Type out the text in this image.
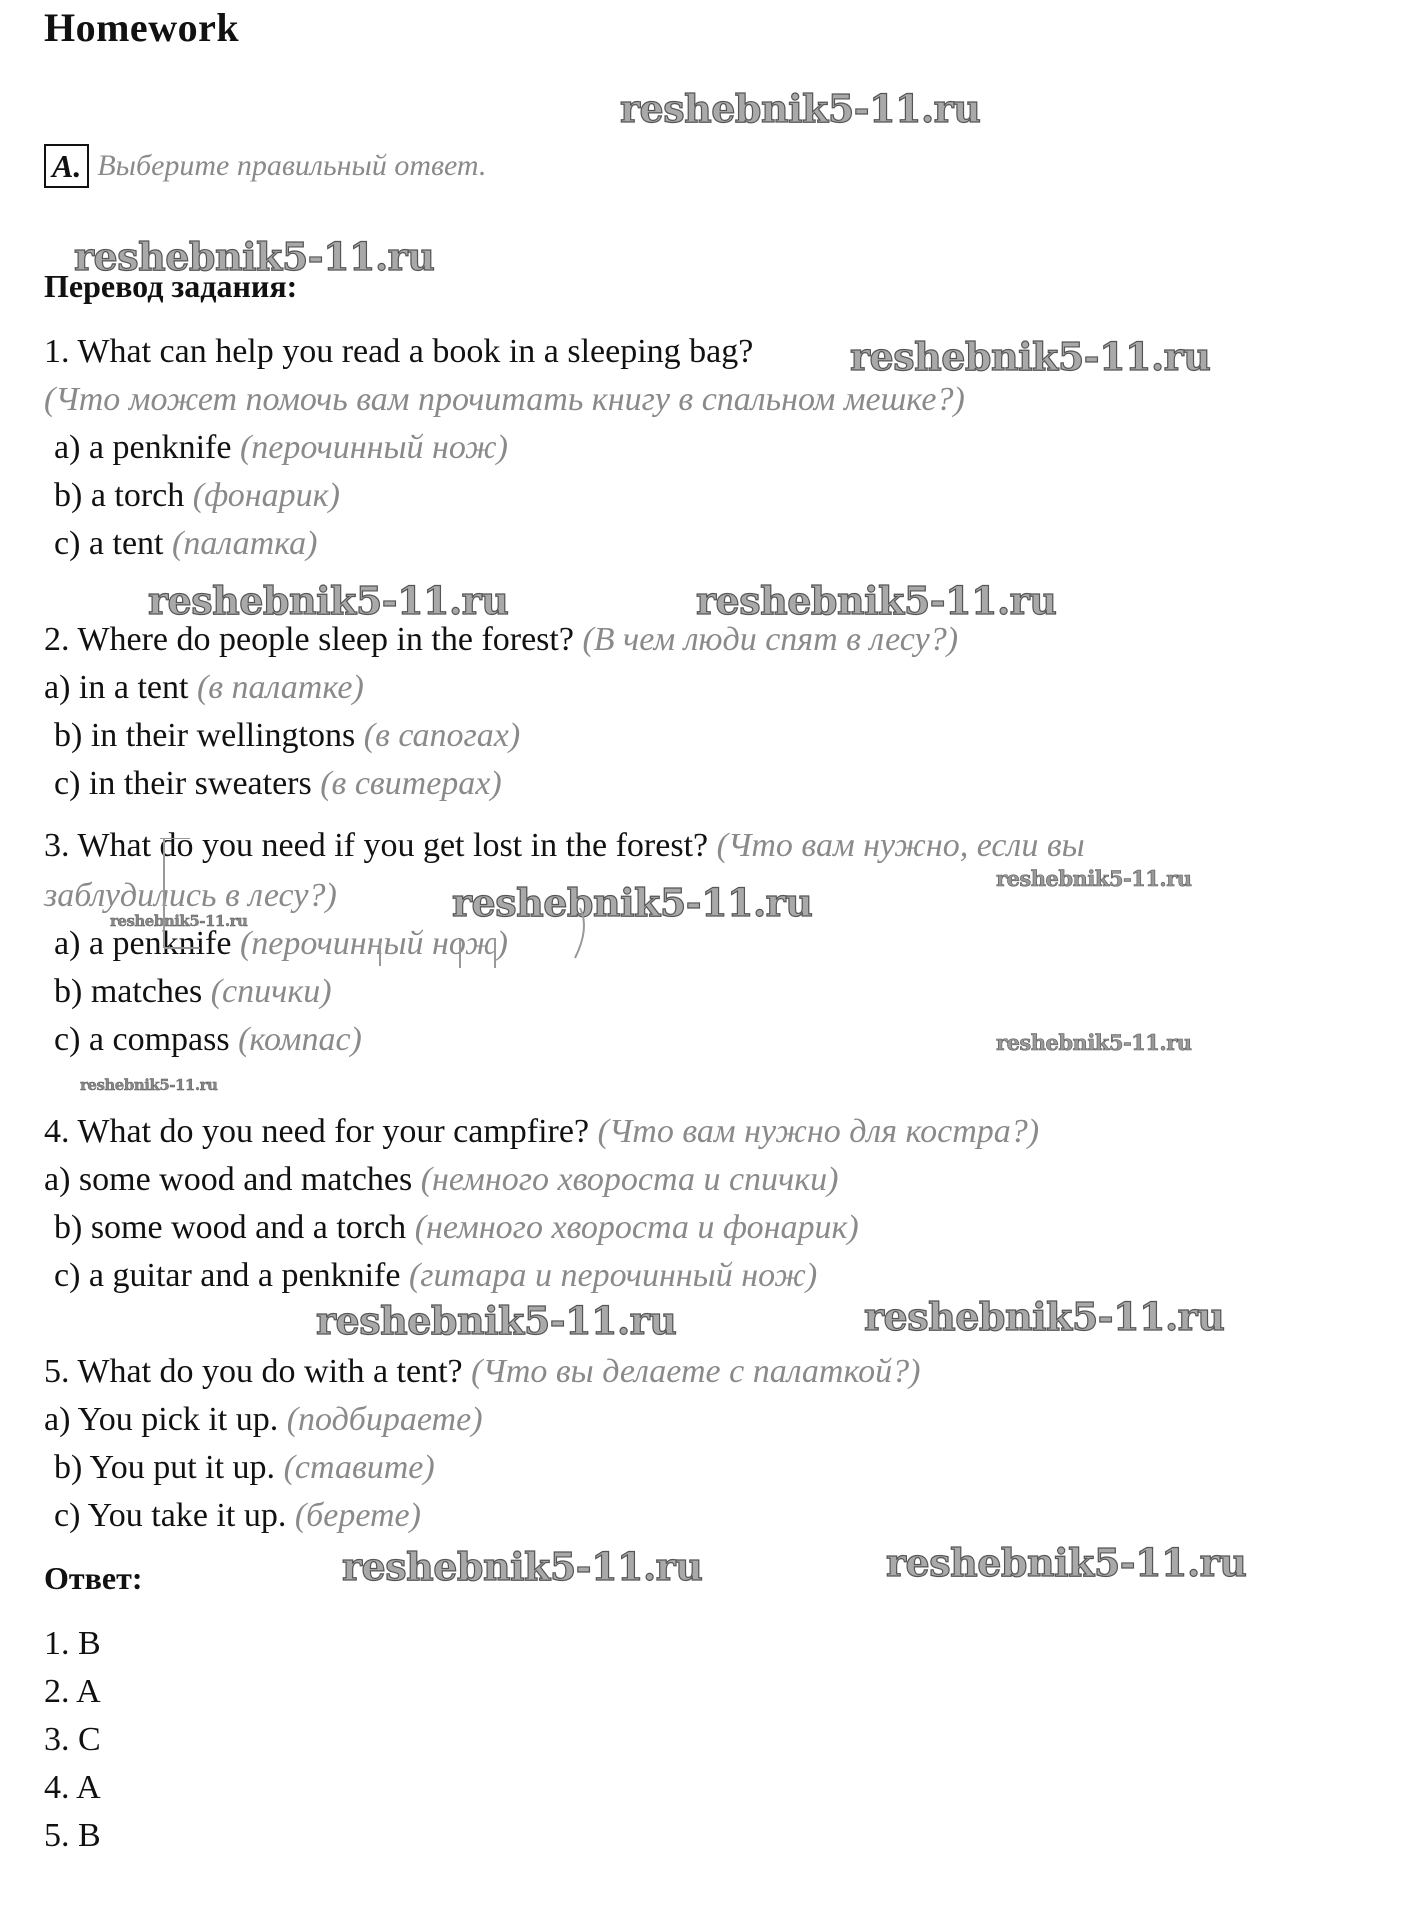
Homework
reshebnik5-11.ru
A. Выберите правильный ответ.
reshebnik5-11.ru
Перевод задания:
1. What can help you read a book in a sleeping bag?	reshebnik5-11.ru
(Что может помочь вам прочитать книгу в спальном мешке?)
a) a penknife (перочинный нож)
b) a torch (фонарик)
c) a tent (палатка)
reshebnik5-11.ru	reshebnik5-11.ru
2. Where do people sleep in the forest? (В чем люди спят в лесу?)
a) in a tent (в палатке)
b) in their wellingtons (в сапогах)
c) in their sweaters (в свитерах)
3. What do you need if you get lost in the forest? (Что вам нужно, если вы
reshebnik5-11.ru
заблудились в лесу?)	reshebnik5-11.ru
reshebnik5-11.ru
a) a penknife (перочинный нож)
b) matches (спички)
c) a compass (компас)	reshebnik5-11.ru
reshebnik5-11.ru
4. What do you need for your campfire? (Что вам нужно для костра?)
a) some wood and matches (немного хвороста и спички)
b) some wood and a torch (немного хвороста и фонарик)
c) a guitar and a penknife (гитара и перочинный нож)
reshebnik5-11.ru	reshebnik5-11.ru
5. What do you do with a tent? (Что вы делаете с палаткой?)
a) You pick it up. (подбираете)
b) You put it up. (ставите)
c) You take it up. (берете)
Ответ:	reshebnik5-11.ru	reshebnik5-11.ru
1. B
2. A
3. C
4. A
5. B
